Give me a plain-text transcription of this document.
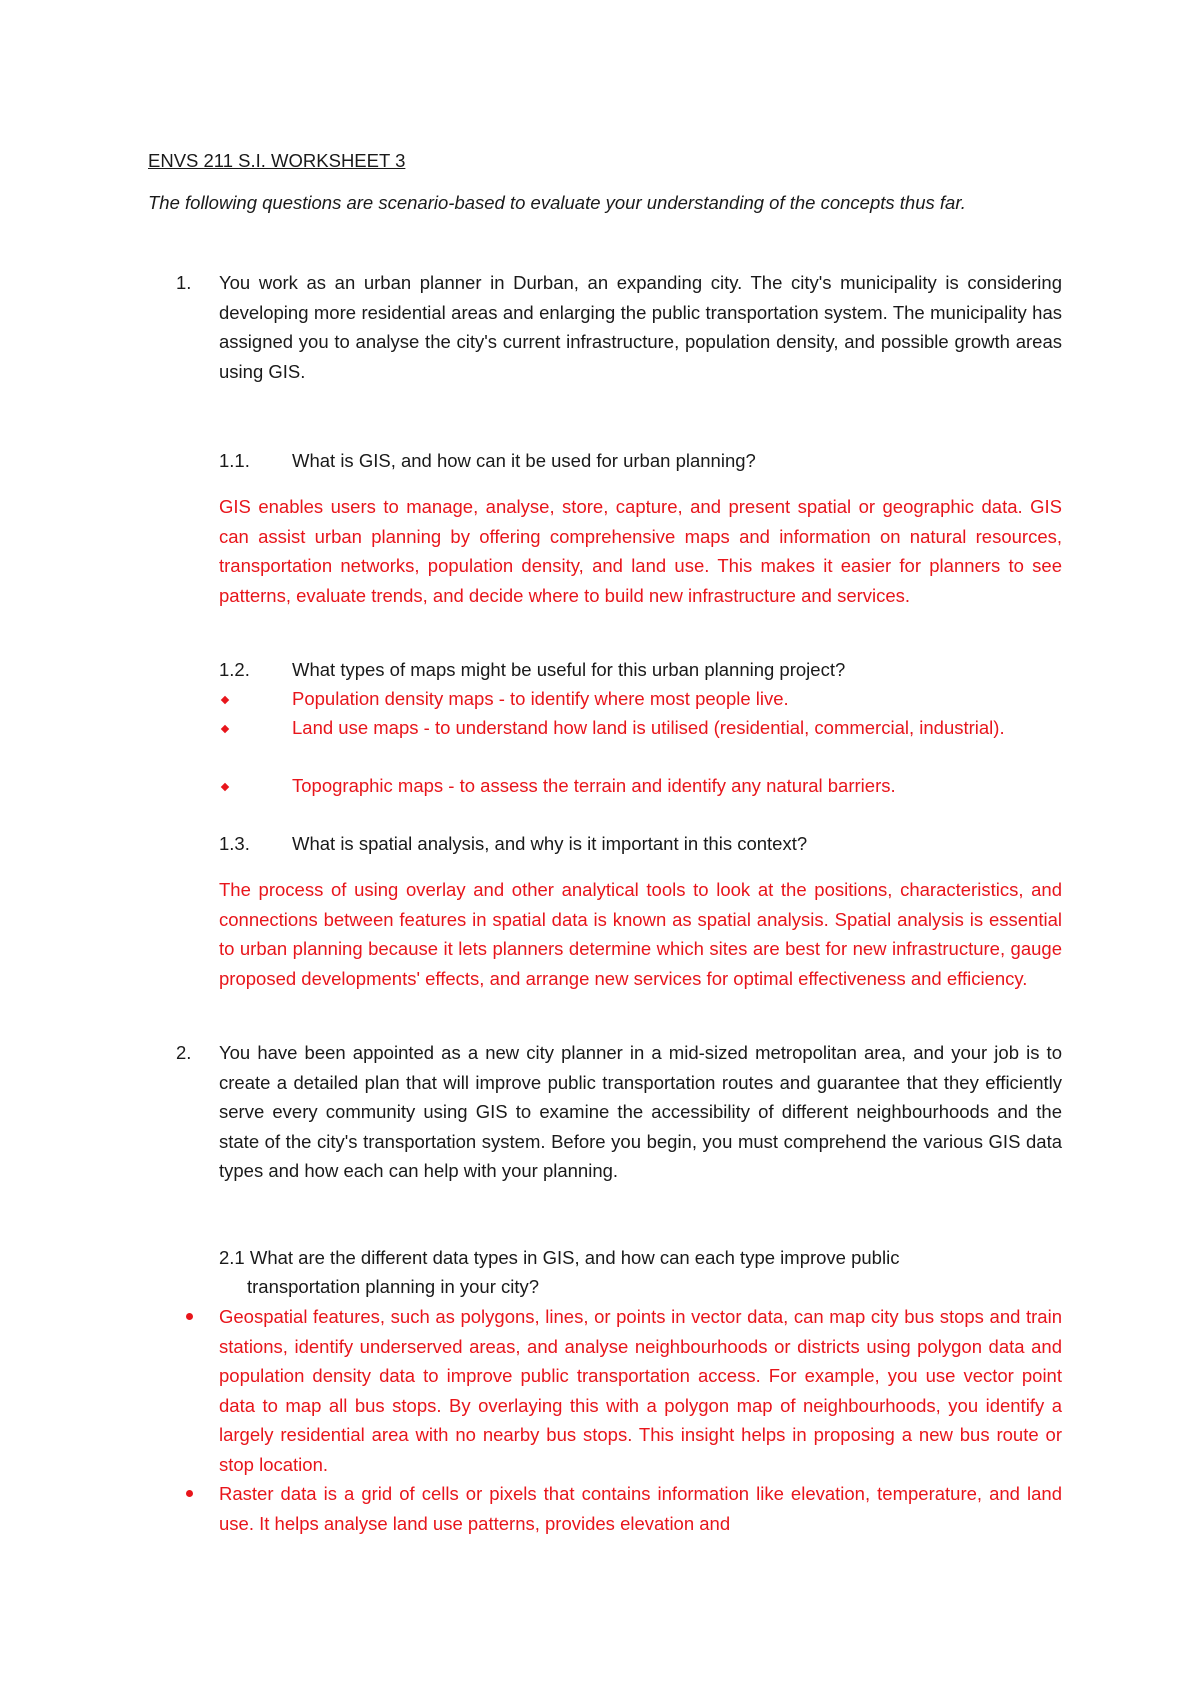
ENVS 211 S.I. WORKSHEET 3

The following questions are scenario-based to evaluate your understanding of the concepts thus far.

1. You work as an urban planner in Durban, an expanding city. The city's municipality is considering developing more residential areas and enlarging the public transportation system. The municipality has assigned you to analyse the city's current infrastructure, population density, and possible growth areas using GIS.

1.1. What is GIS, and how can it be used for urban planning?

GIS enables users to manage, analyse, store, capture, and present spatial or geographic data. GIS can assist urban planning by offering comprehensive maps and information on natural resources, transportation networks, population density, and land use. This makes it easier for planners to see patterns, evaluate trends, and decide where to build new infrastructure and services.

1.2. What types of maps might be useful for this urban planning project?

Population density maps - to identify where most people live.

Land use maps - to understand how land is utilised (residential, commercial, industrial).

Topographic maps - to assess the terrain and identify any natural barriers.

1.3. What is spatial analysis, and why is it important in this context?

The process of using overlay and other analytical tools to look at the positions, characteristics, and connections between features in spatial data is known as spatial analysis. Spatial analysis is essential to urban planning because it lets planners determine which sites are best for new infrastructure, gauge proposed developments' effects, and arrange new services for optimal effectiveness and efficiency.

2. You have been appointed as a new city planner in a mid-sized metropolitan area, and your job is to create a detailed plan that will improve public transportation routes and guarantee that they efficiently serve every community using GIS to examine the accessibility of different neighbourhoods and the state of the city's transportation system. Before you begin, you must comprehend the various GIS data types and how each can help with your planning.

2.1 What are the different data types in GIS, and how can each type improve public

transportation planning in your city?

Geospatial features, such as polygons, lines, or points in vector data, can map city bus stops and train stations, identify underserved areas, and analyse neighbourhoods or districts using polygon data and population density data to improve public transportation access. For example, you use vector point data to map all bus stops. By overlaying this with a polygon map of neighbourhoods, you identify a largely residential area with no nearby bus stops. This insight helps in proposing a new bus route or stop location.

Raster data is a grid of cells or pixels that contains information like elevation, temperature, and land use. It helps analyse land use patterns, provides elevation and
